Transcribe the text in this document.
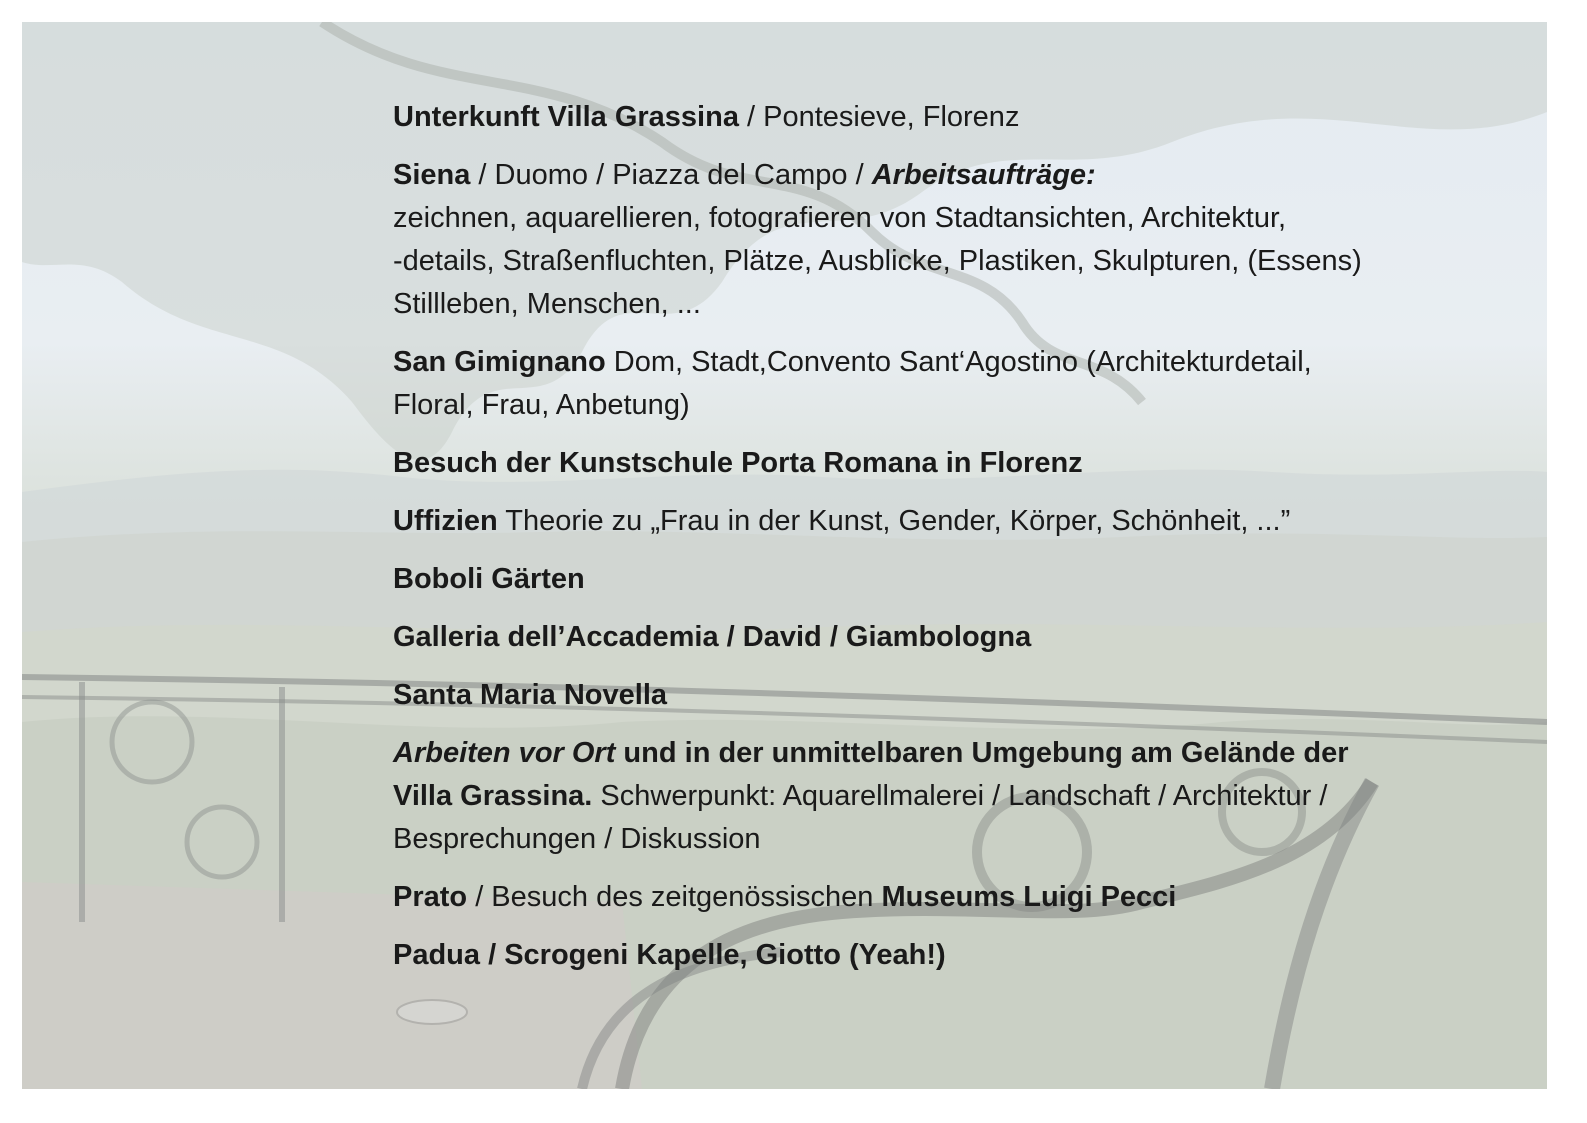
Unterkunft Villa Grassina / Pontesieve, Florenz
Siena / Duomo / Piazza del Campo / Arbeitsaufträge:
zeichnen, aquarellieren, fotografieren von Stadtansichten, Architektur,
-details, Straßenfluchten, Plätze, Ausblicke, Plastiken, Skulpturen, (Essens)
Stillleben, Menschen, ...
San Gimignano Dom, Stadt,Convento Sant‘Agostino (Architekturdetail,
Floral, Frau, Anbetung)
Besuch der Kunstschule Porta Romana in Florenz
Uffizien Theorie zu „Frau in der Kunst, Gender, Körper, Schönheit, ...”
Boboli Gärten
Galleria dell’Accademia / David / Giambologna
Santa Maria Novella
Arbeiten vor Ort und in der unmittelbaren Umgebung am Gelände der
Villa Grassina. Schwerpunkt: Aquarellmalerei / Landschaft / Architektur /
Besprechungen / Diskussion
Prato / Besuch des zeitgenössischen Museums Luigi Pecci
Padua / Scrogeni Kapelle, Giotto (Yeah!)
